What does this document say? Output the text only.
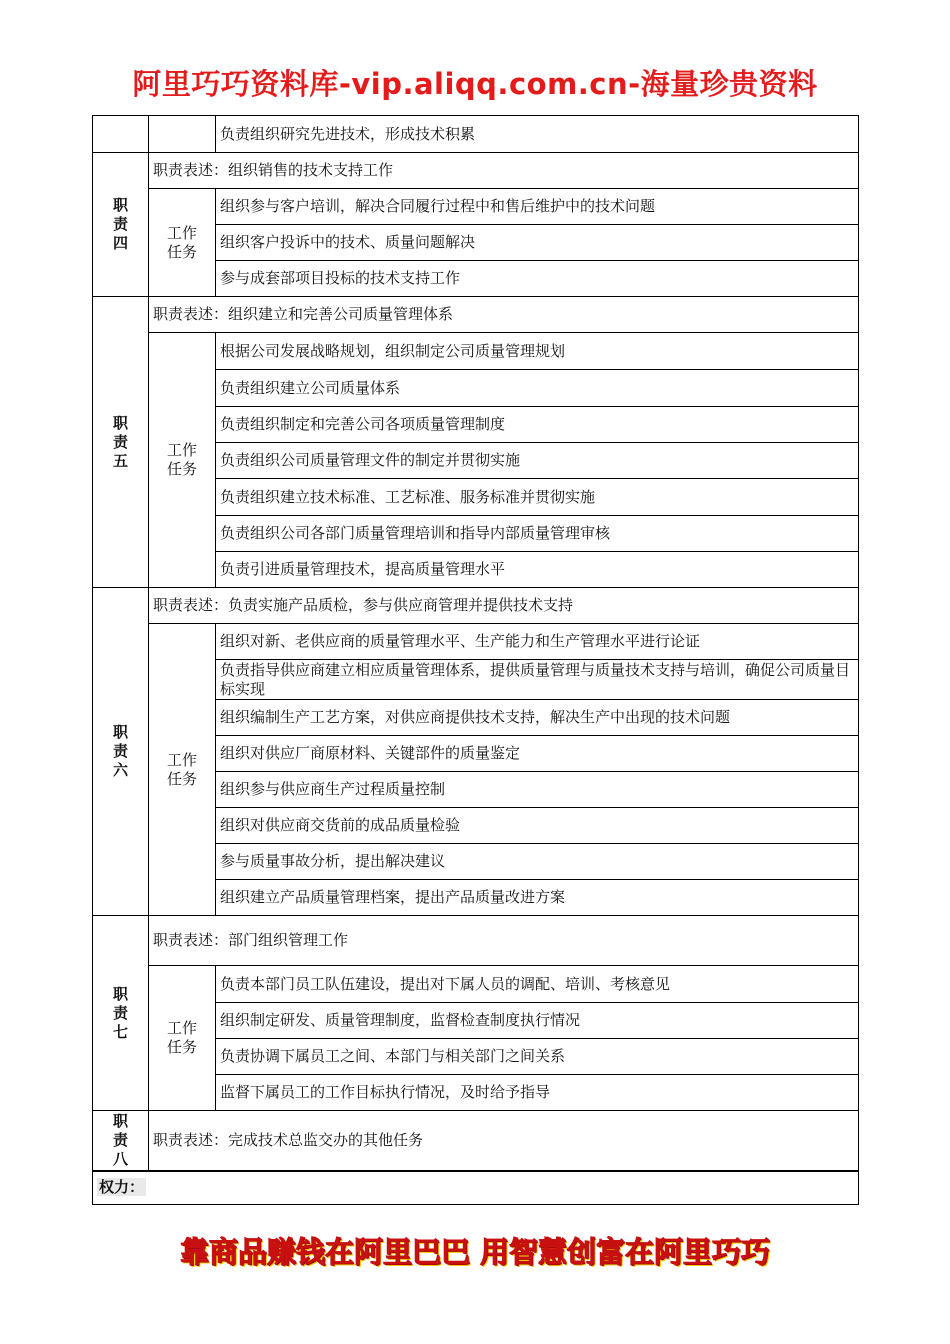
阿里巧巧资料库-vip.aliqq.com.cn-海量珍贵资料
		负责组织研究先进技术，形成技术积累
职责四	职责表述：组织销售的技术支持工作	
	工作任务	组织参与客户培训，解决合同履行过程中和售后维护中的技术问题
		组织客户投诉中的技术、质量问题解决
		参与成套部项目投标的技术支持工作
职责五	职责表述：组织建立和完善公司质量管理体系	
	工作任务	根据公司发展战略规划，组织制定公司质量管理规划
		负责组织建立公司质量体系
		负责组织制定和完善公司各项质量管理制度
		负责组织公司质量管理文件的制定并贯彻实施
		负责组织建立技术标准、工艺标准、服务标准并贯彻实施
		负责组织公司各部门质量管理培训和指导内部质量管理审核
		负责引进质量管理技术，提高质量管理水平
职责六	职责表述：负责实施产品质检，参与供应商管理并提供技术支持	
	工作任务	组织对新、老供应商的质量管理水平、生产能力和生产管理水平进行论证
		负责指导供应商建立相应质量管理体系，提供质量管理与质量技术支持与培训，确促公司质量目标实现
		组织编制生产工艺方案，对供应商提供技术支持，解决生产中出现的技术问题
		组织对供应厂商原材料、关键部件的质量鉴定
		组织参与供应商生产过程质量控制
		组织对供应商交货前的成品质量检验
		参与质量事故分析，提出解决建议
		组织建立产品质量管理档案，提出产品质量改进方案
职责七	职责表述：部门组织管理工作	
	工作任务	负责本部门员工队伍建设，提出对下属人员的调配、培训、考核意见
		组织制定研发、质量管理制度，监督检查制度执行情况
		负责协调下属员工之间、本部门与相关部门之间关系
		监督下属员工的工作目标执行情况，及时给予指导
职责八	职责表述：完成技术总监交办的其他任务	
权力：		
靠商品赚钱在阿里巴巴 用智慧创富在阿里巧巧
